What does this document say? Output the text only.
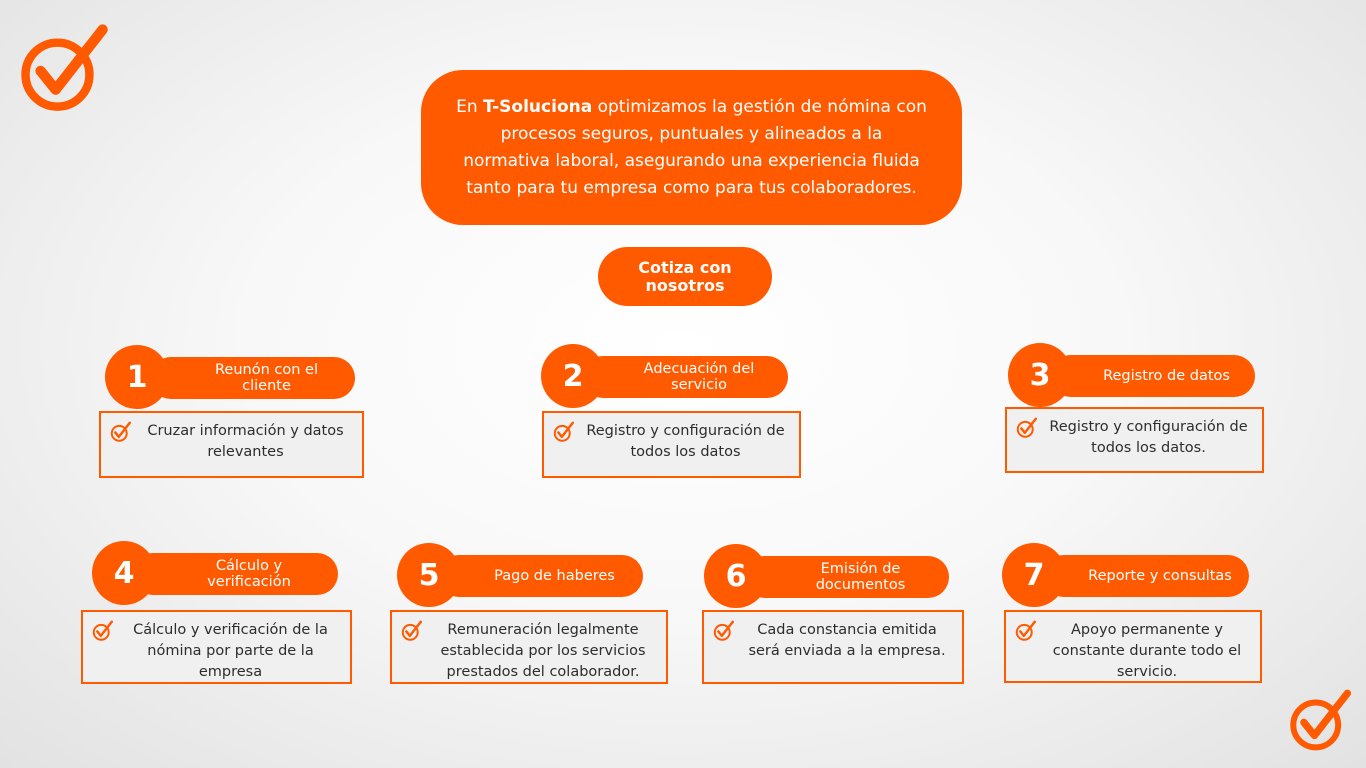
En T-Soluciona optimizamos la gestión de nómina con procesos seguros, puntuales y alineados a la normativa laboral, asegurando una experiencia fluida tanto para tu empresa como para tus colaboradores.
Cotiza con nosotros
Reunón con el cliente
1
Cruzar información y datos relevantes
Adecuación del servicio
2
Registro y configuración de todos los datos
Registro de datos
3
Registro y configuración de todos los datos.
Cálculo y verificación
4
Cálculo y verificación de la nómina por parte de la empresa
Pago de haberes
5
Remuneración legalmente establecida por los servicios prestados del colaborador.
Emisión de documentos
6
Cada constancia emitida será enviada a la empresa.
Reporte y consultas
7
Apoyo permanente y constante durante todo el servicio.
